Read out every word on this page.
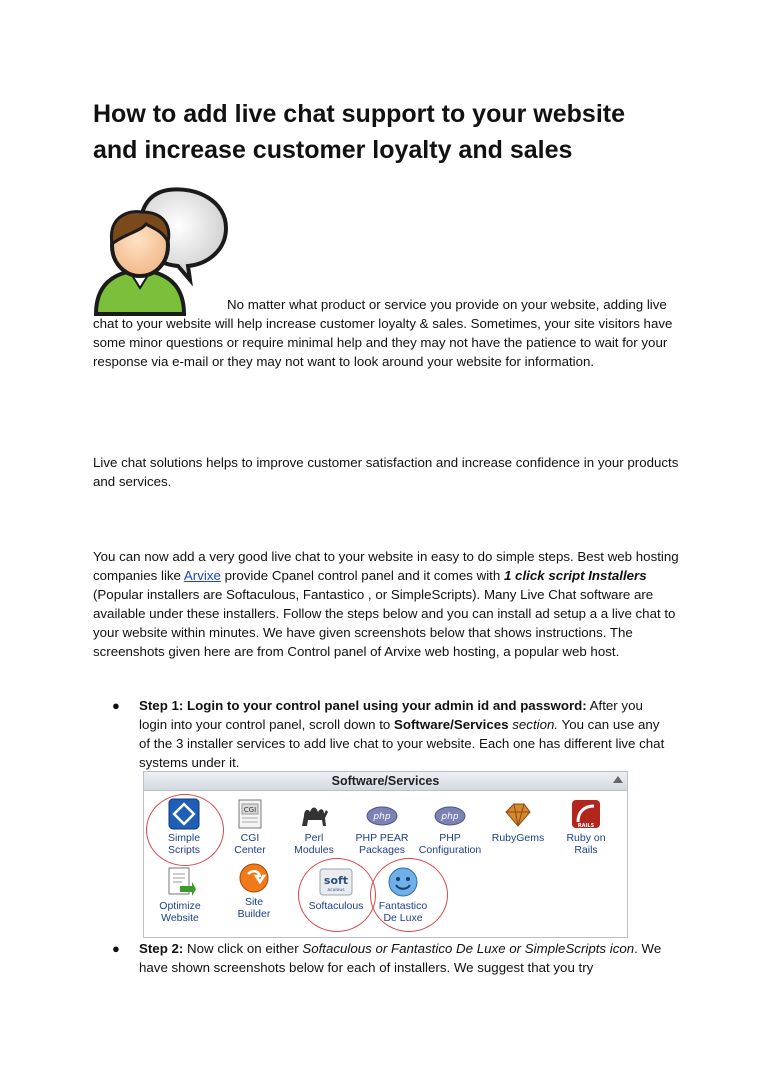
How to add live chat support to your website
and increase customer loyalty and sales
No matter what product or service you provide on your website, adding live chat to your website will help increase customer loyalty & sales. Sometimes, your site visitors have some minor questions or require minimal help and they may not have the patience to wait for your response via e-mail or they may not want to look around your website for information.
Live chat solutions helps to improve customer satisfaction and increase confidence in your products and services.
You can now add a very good live chat to your website in easy to do simple steps. Best web hosting companies like Arvixe provide Cpanel control panel and it comes with 1 click script Installers (Popular installers are Softaculous, Fantastico , or SimpleScripts). Many Live Chat software are available under these installers. Follow the steps below and you can install ad setup a a live chat to your website within minutes. We have given screenshots below that shows instructions. The screenshots given here are from Control panel of Arvixe web hosting, a popular web host.
● Step 1: Login to your control panel using your admin id and password: After you login into your control panel, scroll down to Software/Services section. You can use any of the 3 installer services to add live chat to your website. Each one has different live chat systems under it.
Software/Services
Simple
Scripts
CGI
CGI
Center
Perl
Modules
php
PHP PEAR
Packages
php
PHP
Configuration
RubyGems
RAILS
Ruby on
Rails
Optimize
Website
Site
Builder
soft
aculous
Softaculous	Fantastico
De Luxe
● Step 2: Now click on either Softaculous or Fantastico De Luxe or SimpleScripts icon. We have shown screenshots below for each of installers. We suggest that you try
